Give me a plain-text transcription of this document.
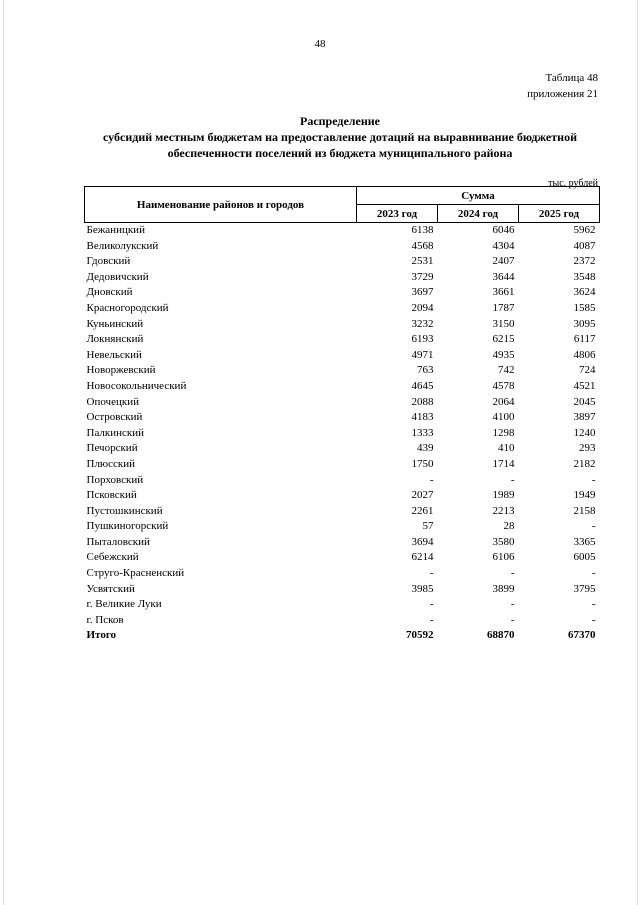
48
Таблица 48
приложения 21
Распределение
субсидий местным бюджетам на предоставление дотаций на выравнивание бюджетной
обеспеченности поселений из бюджета муниципального района
тыс. рублей
Наименование районов и городов	Сумма		
	2023 год	2024 год	2025 год
Бежаницкий	6138	6046	5962
Великолукский	4568	4304	4087
Гдовский	2531	2407	2372
Дедовичский	3729	3644	3548
Дновский	3697	3661	3624
Красногородский	2094	1787	1585
Куньинский	3232	3150	3095
Локнянский	6193	6215	6117
Невельский	4971	4935	4806
Новоржевский	763	742	724
Новосокольнический	4645	4578	4521
Опочецкий	2088	2064	2045
Островский	4183	4100	3897
Палкинский	1333	1298	1240
Печорский	439	410	293
Плюсский	1750	1714	2182
Порховский	-	-	-
Псковский	2027	1989	1949
Пустошкинский	2261	2213	2158
Пушкиногорский	57	28	-
Пыталовский	3694	3580	3365
Себежский	6214	6106	6005
Струго-Красненский	-	-	-
Усвятский	3985	3899	3795
г. Великие Луки	-	-	-
г. Псков	-	-	-
Итого	70592	68870	67370
